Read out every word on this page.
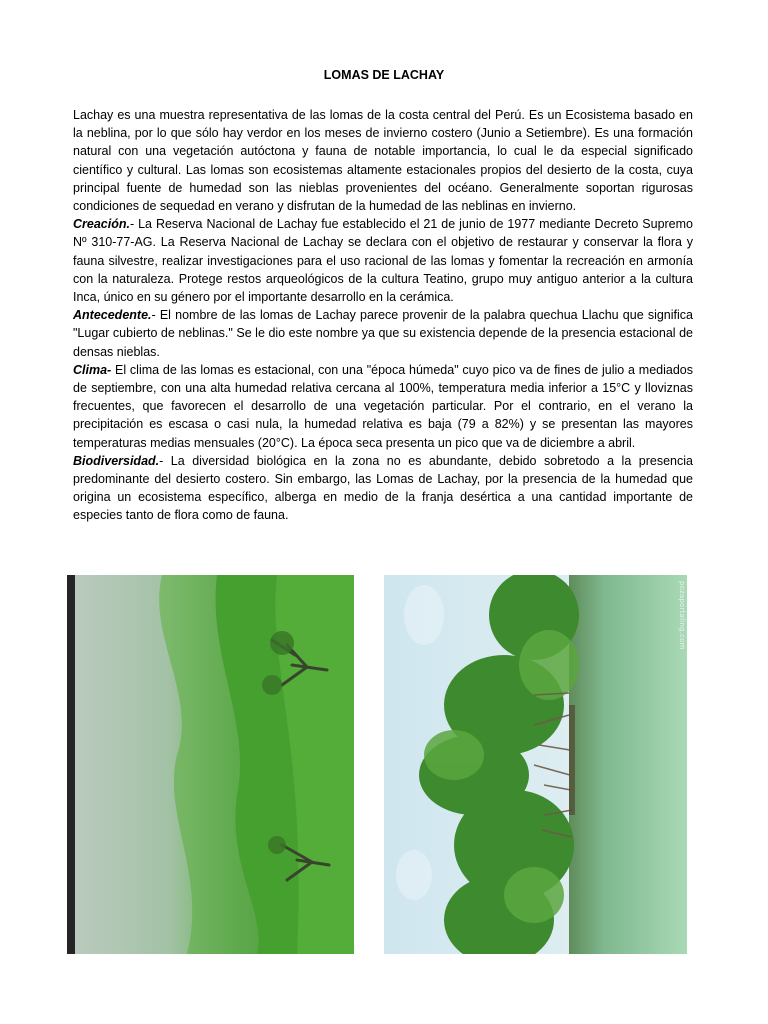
LOMAS DE LACHAY

Lachay es una muestra representativa de las lomas de la costa central del Perú. Es un Ecosistema basado en la neblina, por lo que sólo hay verdor en los meses de invierno costero (Junio a Setiembre). Es una formación natural con una vegetación autóctona y fauna de notable importancia, lo cual le da especial significado científico y cultural. Las lomas son ecosistemas altamente estacionales propios del desierto de la costa, cuya principal fuente de humedad son las nieblas provenientes del océano. Generalmente soportan rigurosas condiciones de sequedad en verano y disfrutan de la humedad de las neblinas en invierno.

Creación.- La Reserva Nacional de Lachay fue establecido el 21 de junio de 1977 mediante Decreto Supremo Nº 310-77-AG. La Reserva Nacional de Lachay se declara con el objetivo de restaurar y conservar la flora y fauna silvestre, realizar investigaciones para el uso racional de las lomas y fomentar la recreación en armonía con la naturaleza. Protege restos arqueológicos de la cultura Teatino, grupo muy antiguo anterior a la cultura Inca, único en su género por el importante desarrollo en la cerámica.

Antecedente.- El nombre de las lomas de Lachay parece provenir de la palabra quechua Llachu que significa "Lugar cubierto de neblinas." Se le dio este nombre ya que su existencia depende de la presencia estacional de densas nieblas.

Clima- El clima de las lomas es estacional, con una "época húmeda" cuyo pico va de fines de julio a mediados de septiembre, con una alta humedad relativa cercana al 100%, temperatura media inferior a 15°C y lloviznas frecuentes, que favorecen el desarrollo de una vegetación particular. Por el contrario, en el verano la precipitación es escasa o casi nula, la humedad relativa es baja (79 a 82%) y se presentan las mayores temperaturas medias mensuales (20°C). La época seca presenta un pico que va de diciembre a abril.

Biodiversidad.- La diversidad biológica en la zona no es abundante, debido sobretodo a la presencia predominante del desierto costero. Sin embargo, las Lomas de Lachay, por la presencia de la humedad que origina un ecosistema específico, alberga en medio de la franja desértica a una cantidad importante de especies tanto de flora como de fauna.

pozaportaling.com
